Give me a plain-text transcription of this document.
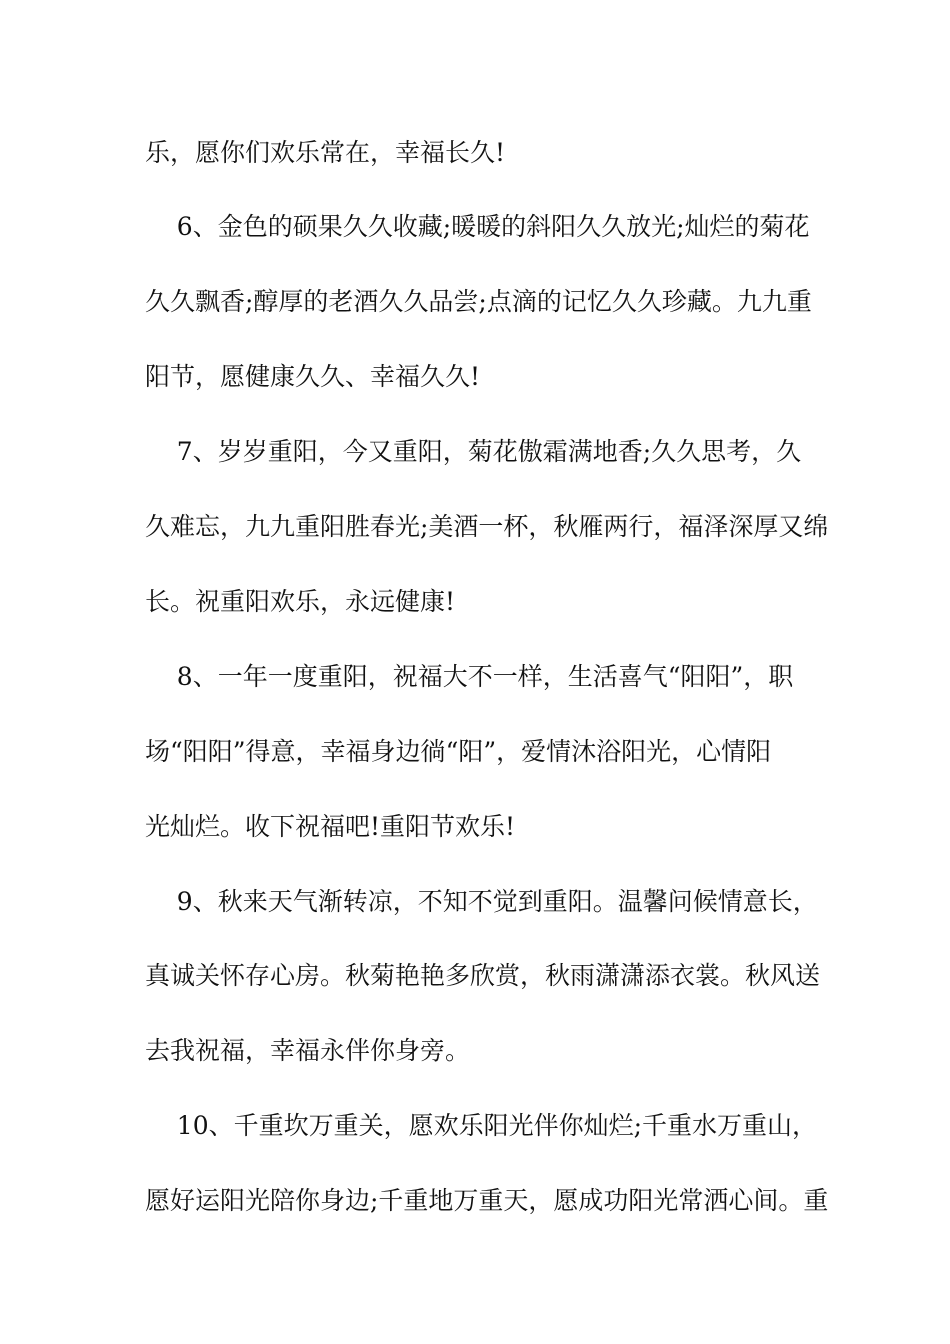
乐，愿你们欢乐常在，幸福长久!
6、金色的硕果久久收藏;暖暖的斜阳久久放光;灿烂的菊花
久久飘香;醇厚的老酒久久品尝;点滴的记忆久久珍藏。九九重
阳节，愿健康久久、幸福久久!
7、岁岁重阳，今又重阳，菊花傲霜满地香;久久思考，久
久难忘，九九重阳胜春光;美酒一杯，秋雁两行，福泽深厚又绵
长。祝重阳欢乐，永远健康!
8、一年一度重阳，祝福大不一样，生活喜气“阳阳”，职
场“阳阳”得意，幸福身边徜“阳”，爱情沐浴阳光，心情阳
光灿烂。收下祝福吧!重阳节欢乐!
9、秋来天气渐转凉，不知不觉到重阳。温馨问候情意长，
真诚关怀存心房。秋菊艳艳多欣赏，秋雨潇潇添衣裳。秋风送
去我祝福，幸福永伴你身旁。
10、千重坎万重关，愿欢乐阳光伴你灿烂;千重水万重山，
愿好运阳光陪你身边;千重地万重天，愿成功阳光常洒心间。重
